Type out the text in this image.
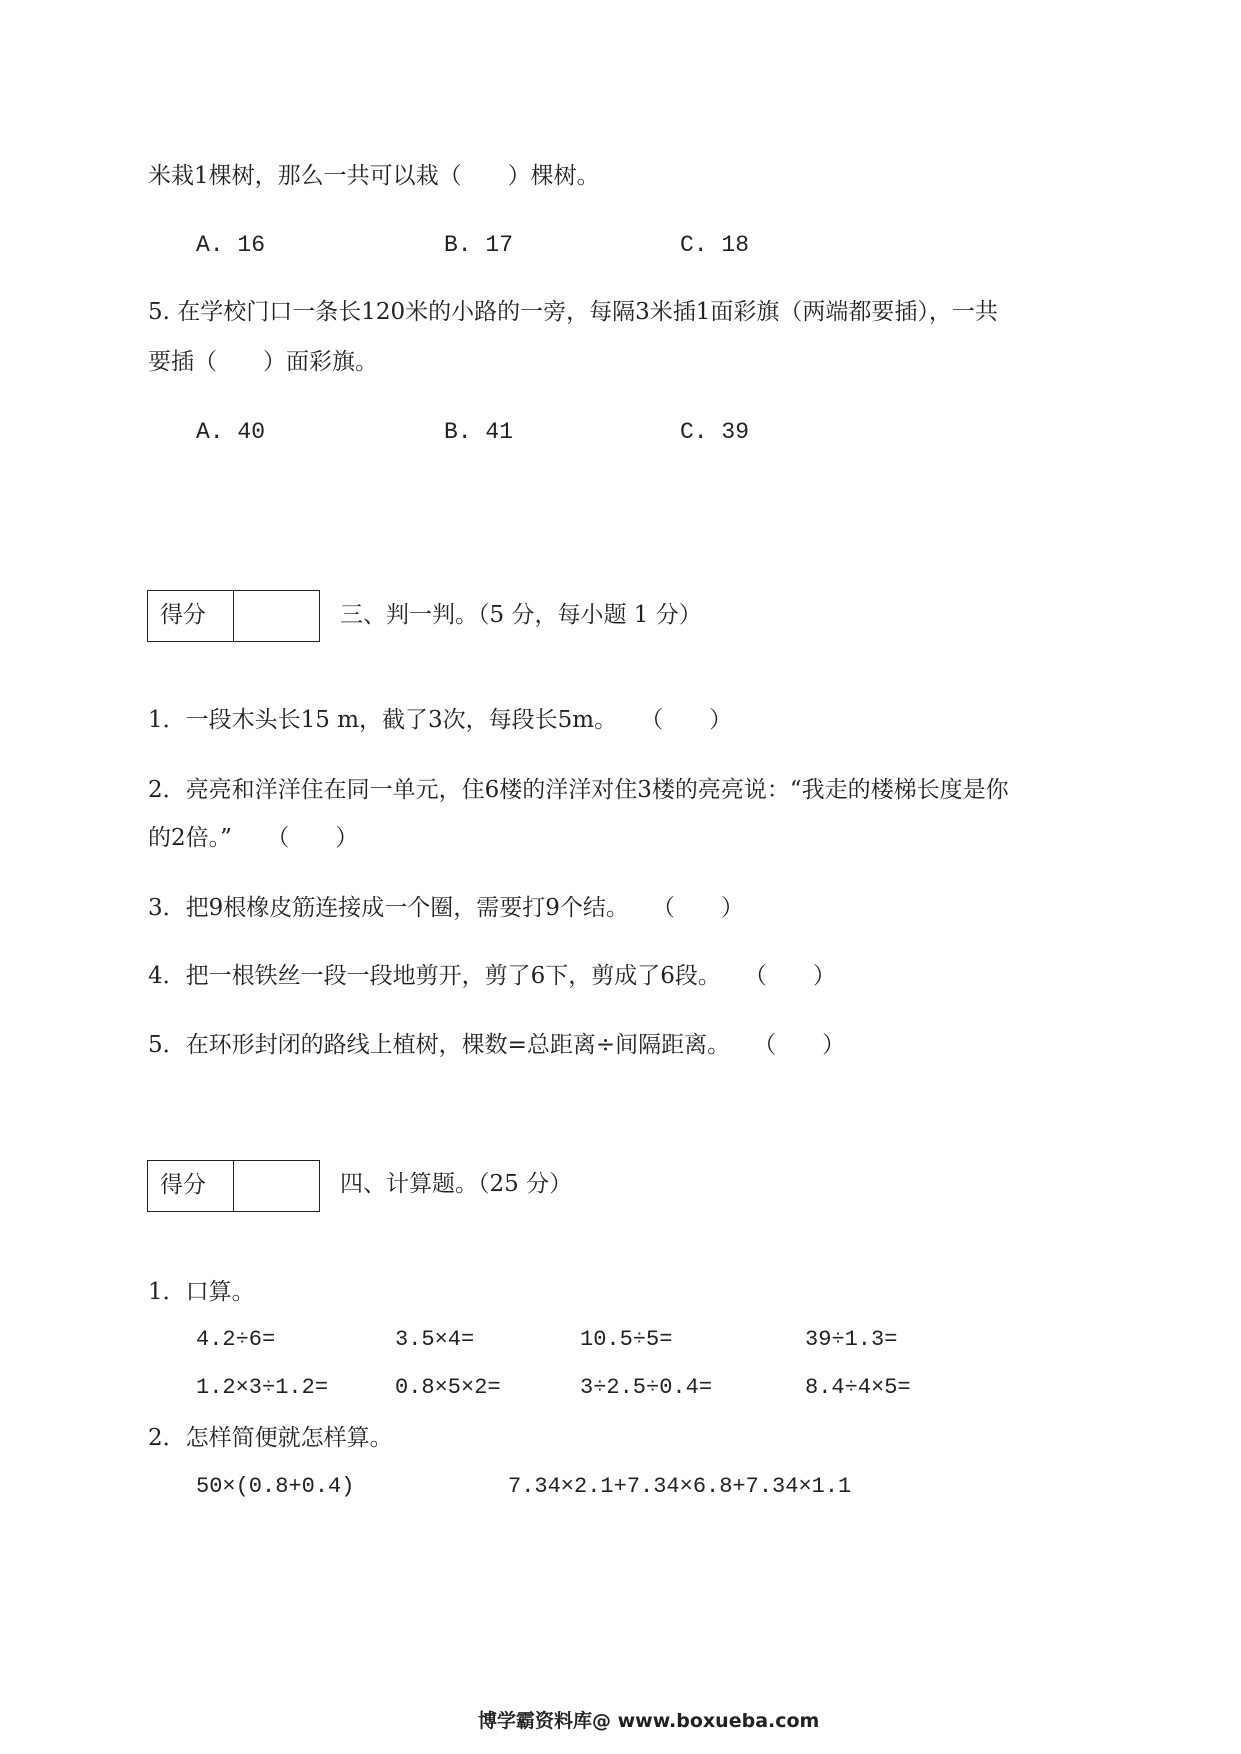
米栽1棵树，那么一共可以栽（　　）棵树。
A. 16	B. 17	C. 18
5. 在学校门口一条长120米的小路的一旁，每隔3米插1面彩旗（两端都要插），一共
要插（　　）面彩旗。
A. 40	B. 41	C. 39
得分	三、判一判。（5 分，每小题 1 分）
1．一段木头长15 m，截了3次，每段长5m。　　（　　）
2．亮亮和洋洋住在同一单元，住6楼的洋洋对住3楼的亮亮说：“我走的楼梯长度是你
的2倍。”　　（　　）
3．把9根橡皮筋连接成一个圈，需要打9个结。　　（　　）
4．把一根铁丝一段一段地剪开，剪了6下，剪成了6段。　　（　　）
5．在环形封闭的路线上植树，棵数=总距离÷间隔距离。　　（　　）
得分	四、计算题。（25 分）
1．口算。
4.2÷6=	3.5×4=	10.5÷5=	39÷1.3=
1.2×3÷1.2=	0.8×5×2=	3÷2.5÷0.4=	8.4÷4×5=
2．怎样简便就怎样算。
50×(0.8+0.4)	7.34×2.1+7.34×6.8+7.34×1.1
博学霸资料库@ www.boxueba.com
